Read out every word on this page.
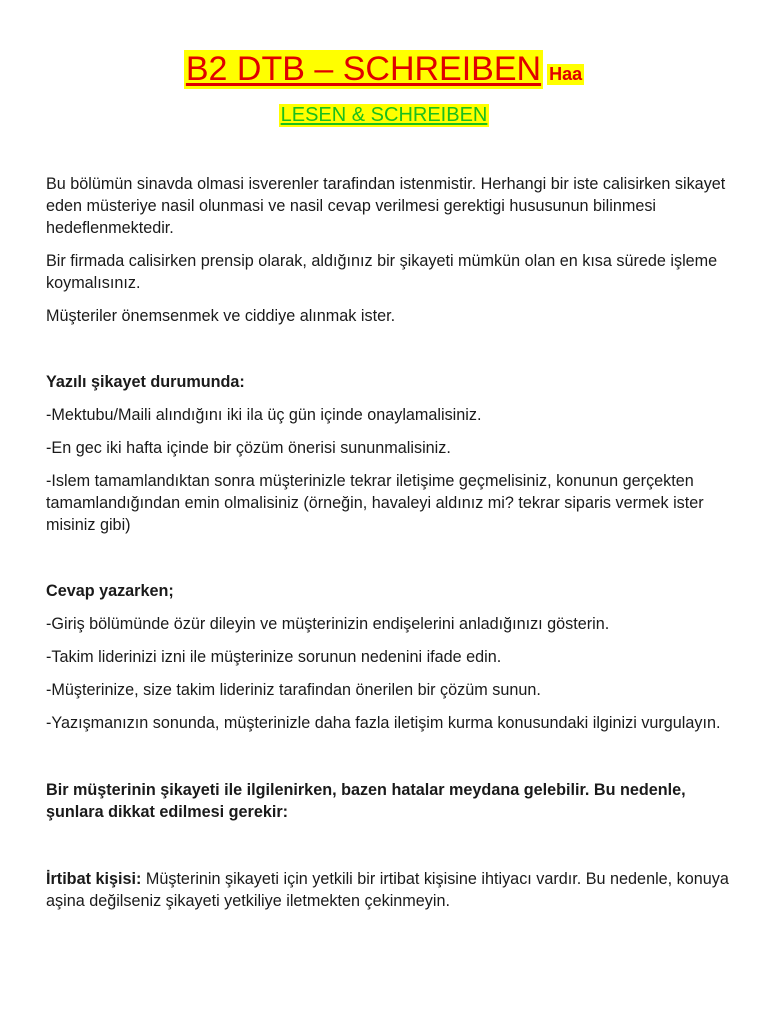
B2 DTB – SCHREIBEN Haa
LESEN & SCHREIBEN

Bu bölümün sinavda olmasi isverenler tarafindan istenmistir. Herhangi bir iste calisirken sikayet eden müsteriye nasil olunmasi ve nasil cevap verilmesi gerektigi hususunun bilinmesi hedeflenmektedir.

Bir firmada calisirken prensip olarak, aldığınız bir şikayeti mümkün olan en kısa sürede işleme koymalısınız.

Müşteriler önemsenmek ve ciddiye alınmak ister.

Yazılı şikayet durumunda:

-Mektubu/Maili alındığını iki ila üç gün içinde onaylamalisiniz.

-En gec iki hafta içinde bir çözüm önerisi sununmalisiniz.

-Islem tamamlandıktan sonra müşterinizle tekrar iletişime geçmelisiniz, konunun gerçekten tamamlandığından emin olmalisiniz (örneğin, havaleyi aldınız mi? tekrar siparis vermek ister misiniz gibi)

Cevap yazarken;

-Giriş bölümünde özür dileyin ve müşterinizin endişelerini anladığınızı gösterin.

-Takim liderinizi izni ile müşterinize sorunun nedenini ifade edin.

-Müşterinize, size takim lideriniz tarafindan önerilen bir çözüm sunun.

-Yazışmanızın sonunda, müşterinizle daha fazla iletişim kurma konusundaki ilginizi vurgulayın.

Bir müşterinin şikayeti ile ilgilenirken, bazen hatalar meydana gelebilir. Bu nedenle, şunlara dikkat edilmesi gerekir:

İrtibat kişisi: Müşterinin şikayeti için yetkili bir irtibat kişisine ihtiyacı vardır. Bu nedenle, konuya aşina değilseniz şikayeti yetkiliye iletmekten çekinmeyin.
